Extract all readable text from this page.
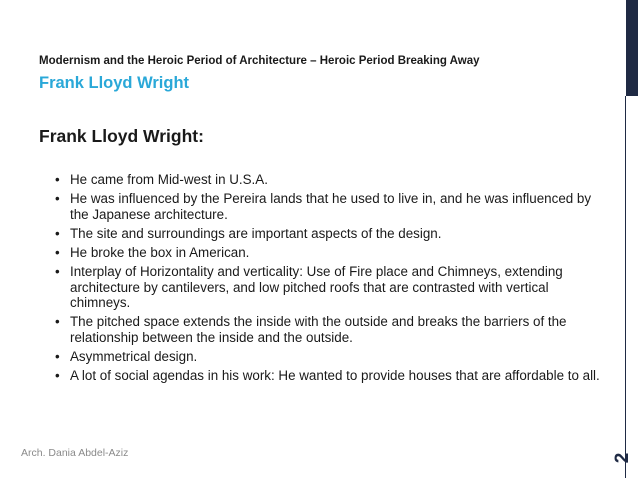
Modernism and the Heroic Period of Architecture – Heroic Period Breaking Away
Frank Lloyd Wright
Frank Lloyd Wright:
• He came from Mid-west in U.S.A.
• He was influenced by the Pereira lands that he used to live in, and he was influenced by the Japanese architecture.
• The site and surroundings are important aspects of the design.
• He broke the box in American.
• Interplay of Horizontality and verticality: Use of Fire place and Chimneys, extending architecture by cantilevers, and low pitched roofs that are contrasted with vertical chimneys.
• The pitched space extends the inside with the outside and breaks the barriers of the relationship between the inside and the outside.
• Asymmetrical design.
• A lot of social agendas in his work: He wanted to provide houses that are affordable to all.
Arch. Dania Abdel-Aziz	2
